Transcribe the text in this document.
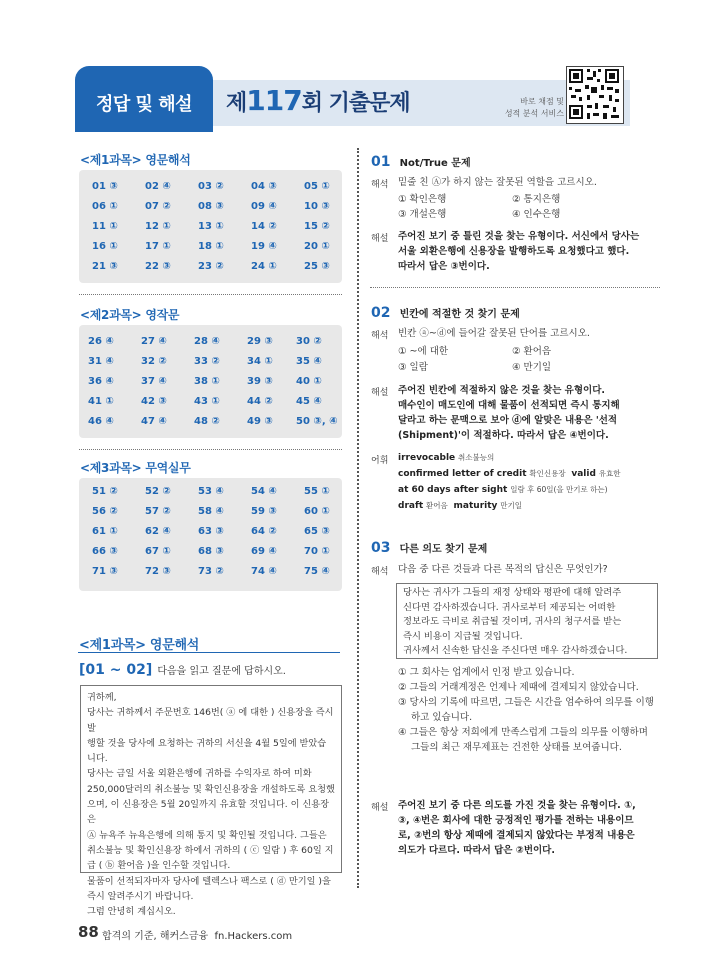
정답 및 해설	제117회 기출문제	바로 채점 및
성적 분석 서비스
<제1과목> 영문해석
01 ③	02 ④	03 ②	04 ③	05 ①
06 ①	07 ②	08 ③	09 ④	10 ③
11 ①	12 ①	13 ①	14 ②	15 ②
16 ①	17 ①	18 ①	19 ④	20 ①
21 ③	22 ③	23 ②	24 ①	25 ③
<제2과목> 영작문
26 ④	27 ④	28 ④	29 ③ 30 ②
31 ④	32 ②	33 ②	34 ① 35 ④
36 ④	37 ④	38 ①	39 ③ 40 ①
41 ①	42 ③	43 ①	44 ② 45 ④
46 ④	47 ④	48 ②	49 ③ 50 ③, ④
<제3과목> 무역실무
51 ②	52 ②	53 ④	54 ④	55 ①
56 ②	57 ②	58 ④	59 ③	60 ①
61 ①	62 ④	63 ③	64 ②	65 ③
66 ③	67 ①	68 ③	69 ④	70 ①
71 ③	72 ③	73 ②	74 ④	75 ④
<제1과목> 영문해석
[01 ~ 02] 다음을 읽고 질문에 답하시오.

귀하께,

당사는 귀하께서 주문번호 146번( ⓐ 에 대한 ) 신용장을 즉시 발

행할 것을 당사에 요청하는 귀하의 서신을 4월 5일에 받았습니다.

당사는 금일 서울 외환은행에 귀하를 수익자로 하여 미화

250,000달러의 취소불능 및 확인신용장을 개설하도록 요청했

으며, 이 신용장은 5월 20일까지 유효할 것입니다. 이 신용장은

Ⓐ 뉴욕주 뉴욕은행에 의해 통지 및 확인될 것입니다. 그들은

취소불능 및 확인신용장 하에서 귀하의 ( ⓒ 일람 ) 후 60일 지

급 ( ⓑ 환어음 )을 인수할 것입니다.

물품이 선적되자마자 당사에 텔렉스나 팩스로 ( ⓓ 만기일 )을

즉시 알려주시기 바랍니다.

그럼 안녕히 계십시오.

01 Not/True 문제
해석 밑줄 친 Ⓐ가 하지 않는 잘못된 역할을 고르시오.
① 확인은행	② 통지은행
③ 개설은행	④ 인수은행
해설 주어진 보기 중 틀린 것을 찾는 유형이다. 서신에서 당사는
서울 외환은행에 신용장을 발행하도록 요청했다고 했다.
따라서 답은 ③번이다.
02 빈칸에 적절한 것 찾기 문제
해석 빈칸 ⓐ~ⓓ에 들어갈 잘못된 단어를 고르시오.
① ~에 대한	② 환어음
③ 일람	④ 만기일
해설 주어진 빈칸에 적절하지 않은 것을 찾는 유형이다.
매수인이 매도인에 대해 물품이 선적되면 즉시 통지해
달라고 하는 문맥으로 보아 ⓓ에 알맞은 내용은 '선적
(Shipment)'이 적절하다. 따라서 답은 ④번이다.
어휘 irrevocable 취소불능의
confirmed letter of credit 확인신용장 valid 유효한
at 60 days after sight 일람 후 60일(을 만기로 하는)
draft 환어음 maturity 만기일
03 다른 의도 찾기 문제
해석 다음 중 다른 것들과 다른 목적의 답신은 무엇인가?

당사는 귀사가 그들의 재정 상태와 평판에 대해 알려주

신다면 감사하겠습니다. 귀사로부터 제공되는 어떠한

정보라도 극비로 취급될 것이며, 귀사의 청구서를 받는

즉시 비용이 지급될 것입니다.

귀사께서 신속한 답신을 주신다면 매우 감사하겠습니다.

① 그 회사는 업계에서 인정 받고 있습니다.
② 그들의 거래계정은 언제나 제때에 결제되지 않았습니다.
③ 당사의 기록에 따르면, 그들은 시간을 엄수하여 의무를 이행하고 있습니다.
④ 그들은 항상 저희에게 만족스럽게 그들의 의무를 이행하며 그들의 최근 재무제표는 건전한 상태를 보여줍니다.
해설 주어진 보기 중 다른 의도를 가진 것을 찾는 유형이다. ①,
③, ④번은 회사에 대한 긍정적인 평가를 전하는 내용이므
로, ②번의 항상 제때에 결제되지 않았다는 부정적 내용은
의도가 다르다. 따라서 답은 ②번이다.
88 합격의 기준, 해커스금융 fn.Hackers.com
